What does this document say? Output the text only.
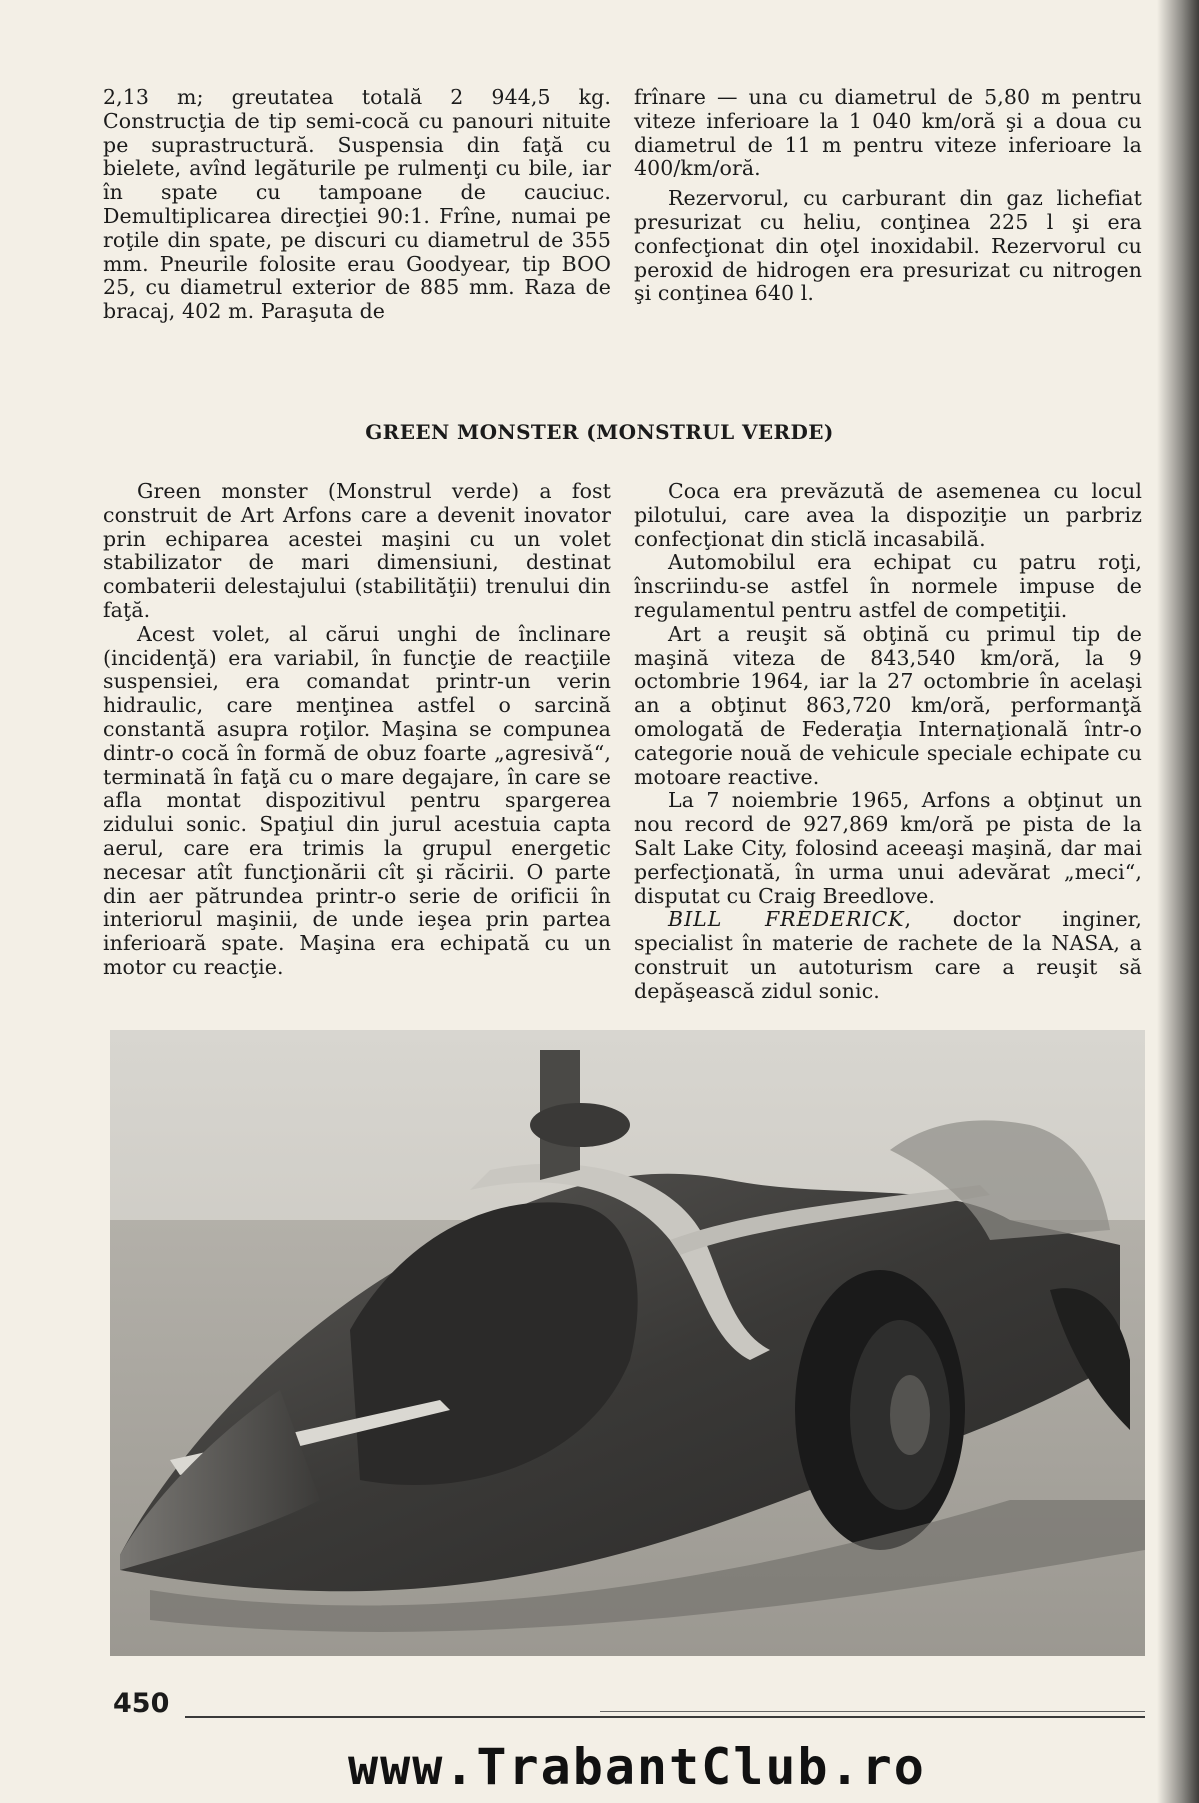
2,13 m; greutatea totală 2 944,5 kg. Construcţia de tip semi-cocă cu panouri nituite pe suprastructură. Suspensia din faţă cu bielete, avînd legăturile pe rulmenţi cu bile, iar în spate cu tampoane de cauciuc. Demultiplicarea direcţiei 90:1. Frîne, numai pe roţile din spate, pe discuri cu diametrul de 355 mm. Pneurile folosite erau Goodyear, tip BOO 25, cu diametrul exterior de 885 mm. Raza de bracaj, 402 m. Paraşuta de

frînare — una cu diametrul de 5,80 m pentru viteze inferioare la 1 040 km/oră şi a doua cu diametrul de 11 m pentru viteze inferioare la 400/km/oră.

Rezervorul, cu carburant din gaz lichefiat presurizat cu heliu, conţinea 225 l şi era confecţionat din oţel inoxidabil. Rezervorul cu peroxid de hidrogen era presurizat cu nitrogen şi conţinea 640 l.

GREEN MONSTER (MONSTRUL VERDE)

Green monster (Monstrul verde) a fost construit de Art Arfons care a devenit inovator prin echiparea acestei maşini cu un volet stabilizator de mari dimensiuni, destinat combaterii delestajului (stabilităţii) trenului din faţă.

Acest volet, al cărui unghi de înclinare (incidenţă) era variabil, în funcţie de reacţiile suspensiei, era comandat printr-un verin hidraulic, care menţinea astfel o sarcină constantă asupra roţilor. Maşina se compunea dintr-o cocă în formă de obuz foarte „agresivă“, terminată în faţă cu o mare degajare, în care se afla montat dispozitivul pentru spargerea zidului sonic. Spaţiul din jurul acestuia capta aerul, care era trimis la grupul energetic necesar atît funcţionării cît şi răcirii. O parte din aer pătrundea printr-o serie de orificii în interiorul maşinii, de unde ieşea prin partea inferioară spate. Maşina era echipată cu un motor cu reacţie.

Coca era prevăzută de asemenea cu locul pilotului, care avea la dispoziţie un parbriz confecţionat din sticlă incasabilă.

Automobilul era echipat cu patru roţi, înscriindu-se astfel în normele impuse de regulamentul pentru astfel de competiţii.

Art a reuşit să obţină cu primul tip de maşină viteza de 843,540 km/oră, la 9 octombrie 1964, iar la 27 octombrie în acelaşi an a obţinut 863,720 km/oră, performanţă omologată de Federaţia Internaţională într-o categorie nouă de vehicule speciale echipate cu motoare reactive.

La 7 noiembrie 1965, Arfons a obţinut un nou record de 927,869 km/oră pe pista de la Salt Lake City, folosind aceeaşi maşină, dar mai perfecţionată, în urma unui adevărat „meci“, disputat cu Craig Breedlove.

BILL FREDERICK, doctor inginer, specialist în materie de rachete de la NASA, a construit un autoturism care a reuşit să depăşească zidul sonic.

450
www.TrabantClub.ro
